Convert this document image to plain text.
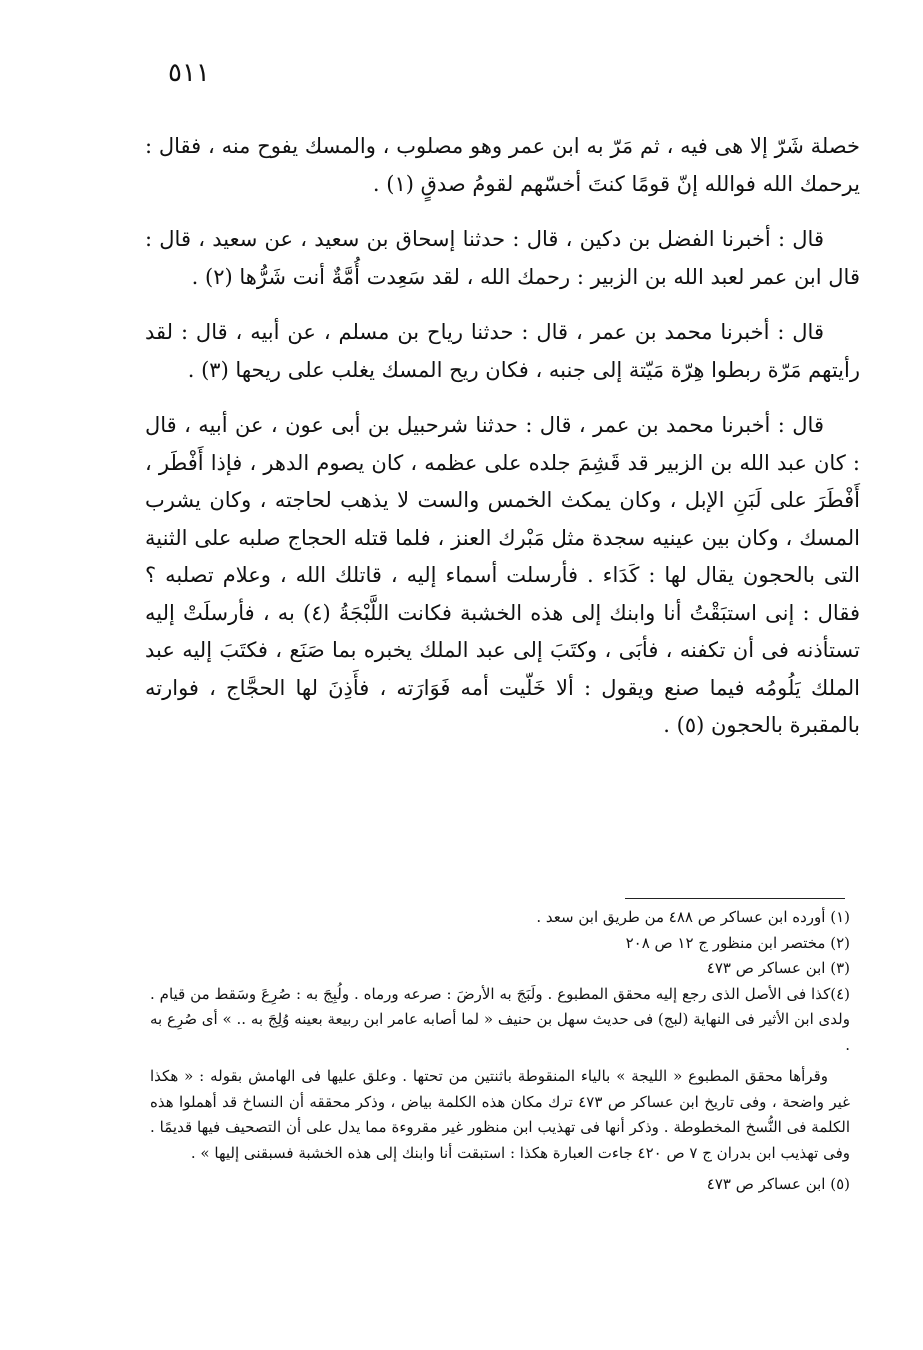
٥١١

خصلة شَرّ إلا هى فيه ، ثم مَرّ به ابن عمر وهو مصلوب ، والمسك يفوح منه ، فقال : يرحمك الله فوالله إنّ قومًا كنتَ أخسّهم لقومُ صدقٍ (١) .

قال : أخبرنا الفضل بن دكين ، قال : حدثنا إسحاق بن سعيد ، عن سعيد ، قال : قال ابن عمر لعبد الله بن الزبير : رحمك الله ، لقد سَعِدت أُمَّةٌ أنت شَرُّها (٢) .

قال : أخبرنا محمد بن عمر ، قال : حدثنا رياح بن مسلم ، عن أبيه ، قال : لقد رأيتهم مَرّة ربطوا هِرّة مَيّتة إلى جنبه ، فكان ريح المسك يغلب على ريحها (٣) .

قال : أخبرنا محمد بن عمر ، قال : حدثنا شرحبيل بن أبى عون ، عن أبيه ، قال : كان عبد الله بن الزبير قد قَشِمَ جلده على عظمه ، كان يصوم الدهر ، فإذا أَفْطَر ، أَفْطَرَ على لَبَنِ الإبل ، وكان يمكث الخمس والست لا يذهب لحاجته ، وكان يشرب المسك ، وكان بين عينيه سجدة مثل مَبْرك العنز ، فلما قتله الحجاج صلبه على الثنية التى بالحجون يقال لها : كَدَاء . فأرسلت أسماء إليه ، قاتلك الله ، وعلام تصلبه ؟ فقال : إنى استبَقْتُ أنا وابنك إلى هذه الخشبة فكانت اللَّبْجَةُ (٤) به ، فأرسلَتْ إليه تستأذنه فى أن تكفنه ، فأبَى ، وكتَبَ إلى عبد الملك يخبره بما صَنَع ، فكتَبَ إليه عبد الملك يَلُومُه فيما صنع ويقول : ألا خَلّيت أمه فَوَارَته ، فأَذِنَ لها الحجَّاج ، فوارته بالمقبرة بالحجون (٥) .

(١) أورده ابن عساكر ص ٤٨٨ من طريق ابن سعد .

(٢) مختصر ابن منظور ج ١٢ ص ٢٠٨

(٣) ابن عساكر ص ٤٧٣

(٤)كذا فى الأصل الذى رجع إليه محقق المطبوع . ولَبَجَ به الأرضَ : صرعه ورماه . ولُبِجَ به : صُرِعَ وسَقط من قيام . ولدى ابن الأثير فى النهاية (لبج) فى حديث سهل بن حنيف « لما أصابه عامر ابن ربيعة بعينه وُلِجَ به .. » أى صُرِع به .

وقرأها محقق المطبوع « الليجة » بالياء المنقوطة باثنتين من تحتها . وعلق عليها فى الهامش بقوله : « هكذا غير واضحة ، وفى تاريخ ابن عساكر ص ٤٧٣ ترك مكان هذه الكلمة بياض ، وذكر محققه أن النساخ قد أهملوا هذه الكلمة فى النُّسخ المخطوطة . وذكر أنها فى تهذيب ابن منظور غير مقروءة مما يدل على أن التصحيف فيها قديمًا . وفى تهذيب ابن بدران ج ٧ ص ٤٢٠ جاءت العبارة هكذا : استبقت أنا وابنك إلى هذه الخشبة فسبقنى إليها » .

(٥) ابن عساكر ص ٤٧٣
